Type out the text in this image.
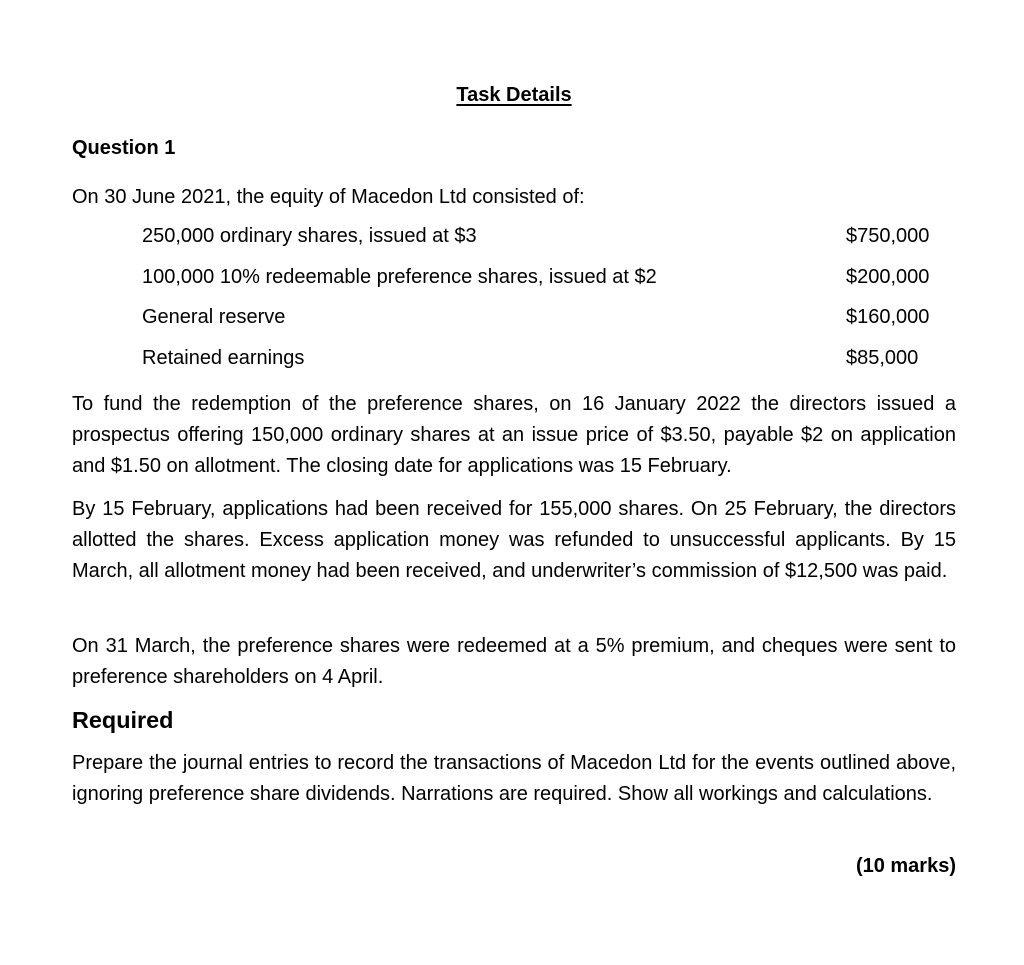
Task Details
Question 1

On 30 June 2021, the equity of Macedon Ltd consisted of:

250,000 ordinary shares, issued at $3	$750,000
100,000 10% redeemable preference shares, issued at $2	$200,000
General reserve	$160,000
Retained earnings	$85,000

To fund the redemption of the preference shares, on 16 January 2022 the directors issued a prospectus offering 150,000 ordinary shares at an issue price of $3.50, payable $2 on application and $1.50 on allotment. The closing date for applications was 15 February.

By 15 February, applications had been received for 155,000 shares. On 25 February, the directors allotted the shares. Excess application money was refunded to unsuccessful applicants. By 15 March, all allotment money had been received, and underwriter’s commission of $12,500 was paid.

On 31 March, the preference shares were redeemed at a 5% premium, and cheques were sent to preference shareholders on 4 April.

Required

Prepare the journal entries to record the transactions of Macedon Ltd for the events outlined above, ignoring preference share dividends. Narrations are required. Show all workings and calculations.

(10 marks)
